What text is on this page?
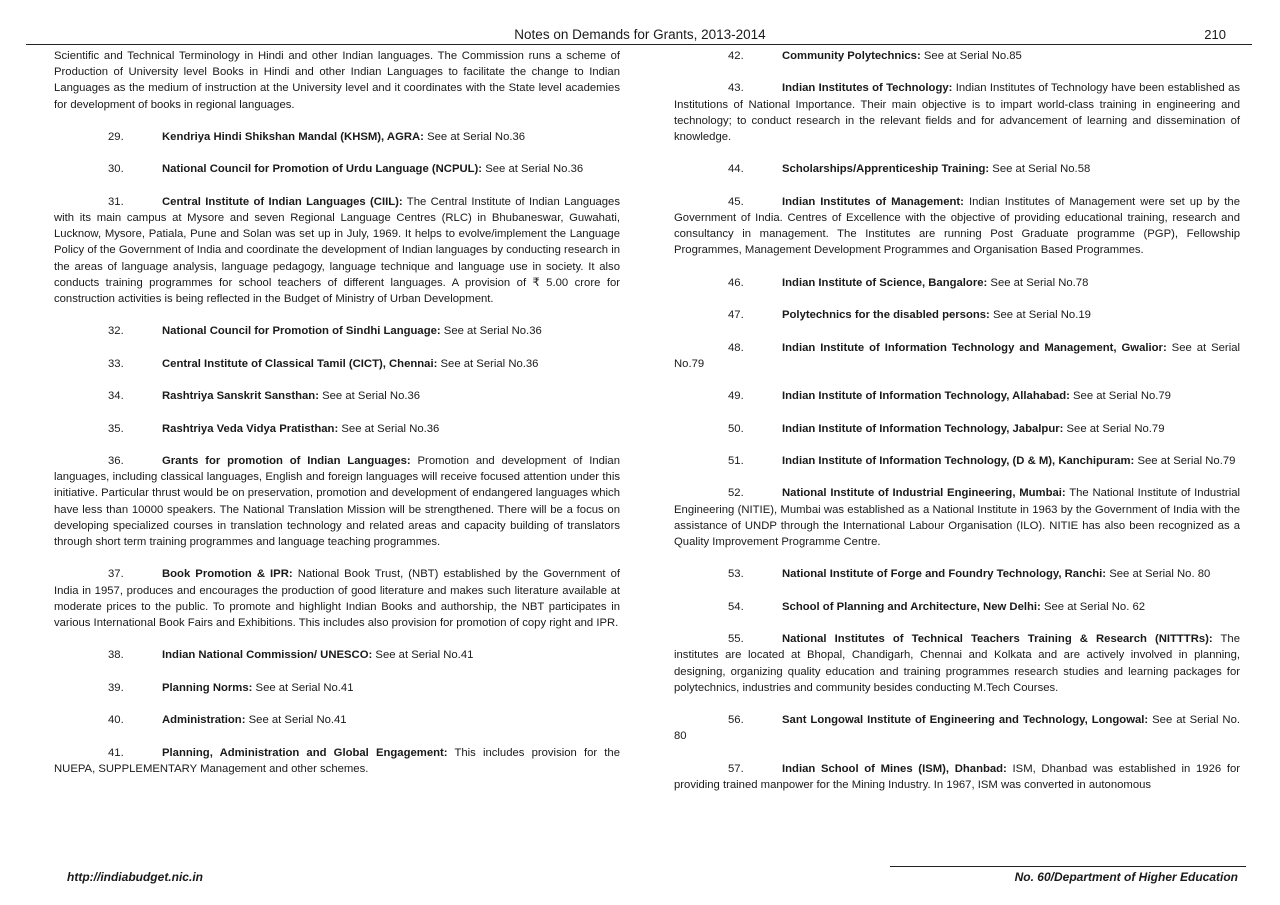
Notes on Demands for Grants, 2013-2014	210

Scientific and Technical Terminology in Hindi and other Indian languages. The Commission runs a scheme of Production of University level Books in Hindi and other Indian Languages to facilitate the change to Indian Languages as the medium of instruction at the University level and it coordinates with the State level academies for development of books in regional languages.

29.	Kendriya Hindi Shikshan Mandal (KHSM), AGRA: See at Serial No.36

30.	National Council for Promotion of Urdu Language (NCPUL): See at Serial No.36

31.	Central Institute of Indian Languages (CIIL): The Central Institute of Indian Languages with its main campus at Mysore and seven Regional Language Centres (RLC) in Bhubaneswar, Guwahati, Lucknow, Mysore, Patiala, Pune and Solan was set up in July, 1969. It helps to evolve/implement the Language Policy of the Government of India and coordinate the development of Indian languages by conducting research in the areas of language analysis, language pedagogy, language technique and language use in society. It also conducts training programmes for school teachers of different languages. A provision of ₹ 5.00 crore for construction activities is being reflected in the Budget of Ministry of Urban Development.

32.	National Council for Promotion of Sindhi Language: See at Serial No.36

33.	Central Institute of Classical Tamil (CICT), Chennai: See at Serial No.36

34.	Rashtriya Sanskrit Sansthan: See at Serial No.36

35.	Rashtriya Veda Vidya Pratisthan: See at Serial No.36

36.	Grants for promotion of Indian Languages: Promotion and development of Indian languages, including classical languages, English and foreign languages will receive focused attention under this initiative. Particular thrust would be on preservation, promotion and development of endangered languages which have less than 10000 speakers. The National Translation Mission will be strengthened. There will be a focus on developing specialized courses in translation technology and related areas and capacity building of translators through short term training programmes and language teaching programmes.

37.	Book Promotion & IPR: National Book Trust, (NBT) established by the Government of India in 1957, produces and encourages the production of good literature and makes such literature available at moderate prices to the public. To promote and highlight Indian Books and authorship, the NBT participates in various International Book Fairs and Exhibitions. This includes also provision for promotion of copy right and IPR.

38.	Indian National Commission/ UNESCO: See at Serial No.41

39.	Planning Norms: See at Serial No.41

40.	Administration: See at Serial No.41

41.	Planning, Administration and Global Engagement: This includes provision for the NUEPA, SUPPLEMENTARY Management and other schemes.

42.	Community Polytechnics: See at Serial No.85

43.	Indian Institutes of Technology: Indian Institutes of Technology have been established as Institutions of National Importance. Their main objective is to impart world-class training in engineering and technology; to conduct research in the relevant fields and for advancement of learning and dissemination of knowledge.

44.	Scholarships/Apprenticeship Training: See at Serial No.58

45.	Indian Institutes of Management: Indian Institutes of Management were set up by the Government of India. Centres of Excellence with the objective of providing educational training, research and consultancy in management. The Institutes are running Post Graduate programme (PGP), Fellowship Programmes, Management Development Programmes and Organisation Based Programmes.

46.	Indian Institute of Science, Bangalore: See at Serial No.78

47.	Polytechnics for the disabled persons: See at Serial No.19

48.	Indian Institute of Information Technology and Management, Gwalior: See at Serial No.79

49.	Indian Institute of Information Technology, Allahabad: See at Serial No.79

50.	Indian Institute of Information Technology, Jabalpur: See at Serial No.79

51.	Indian Institute of Information Technology, (D & M), Kanchipuram: See at Serial No.79

52.	National Institute of Industrial Engineering, Mumbai: The National Institute of Industrial Engineering (NITIE), Mumbai was established as a National Institute in 1963 by the Government of India with the assistance of UNDP through the International Labour Organisation (ILO). NITIE has also been recognized as a Quality Improvement Programme Centre.

53.	National Institute of Forge and Foundry Technology, Ranchi: See at Serial No. 80

54.	School of Planning and Architecture, New Delhi: See at Serial No. 62

55.	National Institutes of Technical Teachers Training & Research (NITTTRs): The institutes are located at Bhopal, Chandigarh, Chennai and Kolkata and are actively involved in planning, designing, organizing quality education and training programmes research studies and learning packages for polytechnics, industries and community besides conducting M.Tech Courses.

56.	Sant Longowal Institute of Engineering and Technology, Longowal: See at Serial No. 80

57.	Indian School of Mines (ISM), Dhanbad: ISM, Dhanbad was established in 1926 for providing trained manpower for the Mining Industry. In 1967, ISM was converted in autonomous

http://indiabudget.nic.in	No. 60/Department of Higher Education
